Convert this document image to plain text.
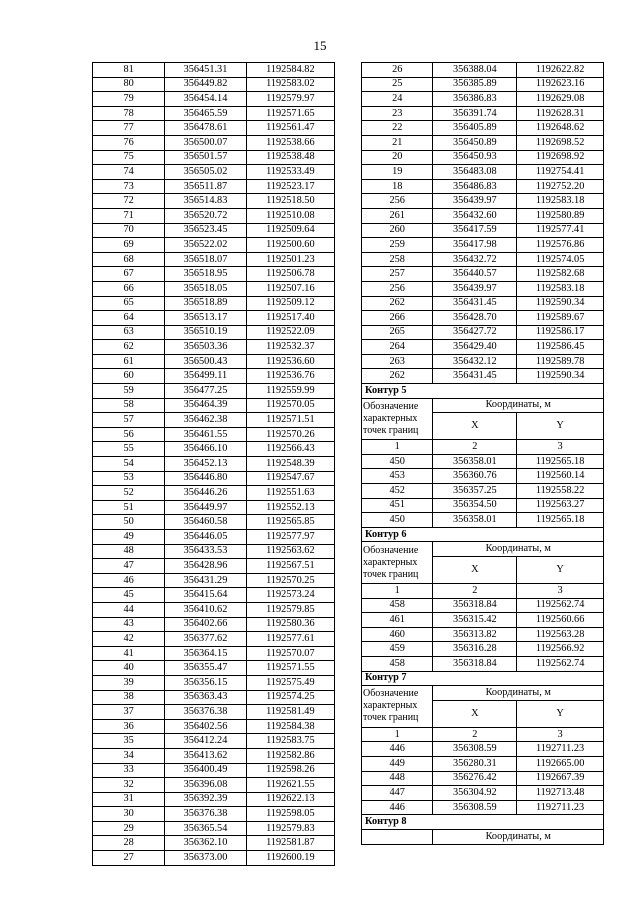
15
81	356451.31	1192584.82
80	356449.82	1192583.02
79	356454.14	1192579.97
78	356465.59	1192571.65
77	356478.61	1192561.47
76	356500.07	1192538.66
75	356501.57	1192538.48
74	356505.02	1192533.49
73	356511.87	1192523.17
72	356514.83	1192518.50
71	356520.72	1192510.08
70	356523.45	1192509.64
69	356522.02	1192500.60
68	356518.07	1192501.23
67	356518.95	1192506.78
66	356518.05	1192507.16
65	356518.89	1192509.12
64	356513.17	1192517.40
63	356510.19	1192522.09
62	356503.36	1192532.37
61	356500.43	1192536.60
60	356499.11	1192536.76
59	356477.25	1192559.99
58	356464.39	1192570.05
57	356462.38	1192571.51
56	356461.55	1192570.26
55	356466.10	1192566.43
54	356452.13	1192548.39
53	356446.80	1192547.67
52	356446.26	1192551.63
51	356449.97	1192552.13
50	356460.58	1192565.85
49	356446.05	1192577.97
48	356433.53	1192563.62
47	356428.96	1192567.51
46	356431.29	1192570.25
45	356415.64	1192573.24
44	356410.62	1192579.85
43	356402.66	1192580.36
42	356377.62	1192577.61
41	356364.15	1192570.07
40	356355.47	1192571.55
39	356356.15	1192575.49
38	356363.43	1192574.25
37	356376.38	1192581.49
36	356402.56	1192584.38
35	356412.24	1192583.75
34	356413.62	1192582.86
33	356400.49	1192598.26
32	356396.08	1192621.55
31	356392.39	1192622.13
30	356376.38	1192598.05
29	356365.54	1192579.83
28	356362.10	1192581.87
27	356373.00	1192600.19
26	356388.04	1192622.82
25	356385.89	1192623.16
24	356386.83	1192629.08
23	356391.74	1192628.31
22	356405.89	1192648.62
21	356450.89	1192698.52
20	356450.93	1192698.92
19	356483.08	1192754.41
18	356486.83	1192752.20
256	356439.97	1192583.18
261	356432.60	1192580.89
260	356417.59	1192577.41
259	356417.98	1192576.86
258	356432.72	1192574.05
257	356440.57	1192582.68
256	356439.97	1192583.18
262	356431.45	1192590.34
266	356428.70	1192589.67
265	356427.72	1192586.17
264	356429.40	1192586.45
263	356432.12	1192589.78
262	356431.45	1192590.34
Контур 5		
Обозначение
характерных
точек границ	Координаты, м	
	X	Y
1	2	3
450	356358.01	1192565.18
453	356360.76	1192560.14
452	356357.25	1192558.22
451	356354.50	1192563.27
450	356358.01	1192565.18
Контур 6		
Обозначение
характерных
точек границ	Координаты, м	
	X	Y
1	2	3
458	356318.84	1192562.74
461	356315.42	1192560.66
460	356313.82	1192563.28
459	356316.28	1192566.92
458	356318.84	1192562.74
Контур 7		
Обозначение
характерных
точек границ	Координаты, м	
	X	Y
1	2	3
446	356308.59	1192711.23
449	356280.31	1192665.00
448	356276.42	1192667.39
447	356304.92	1192713.48
446	356308.59	1192711.23
Контур 8		
	Координаты, м	
